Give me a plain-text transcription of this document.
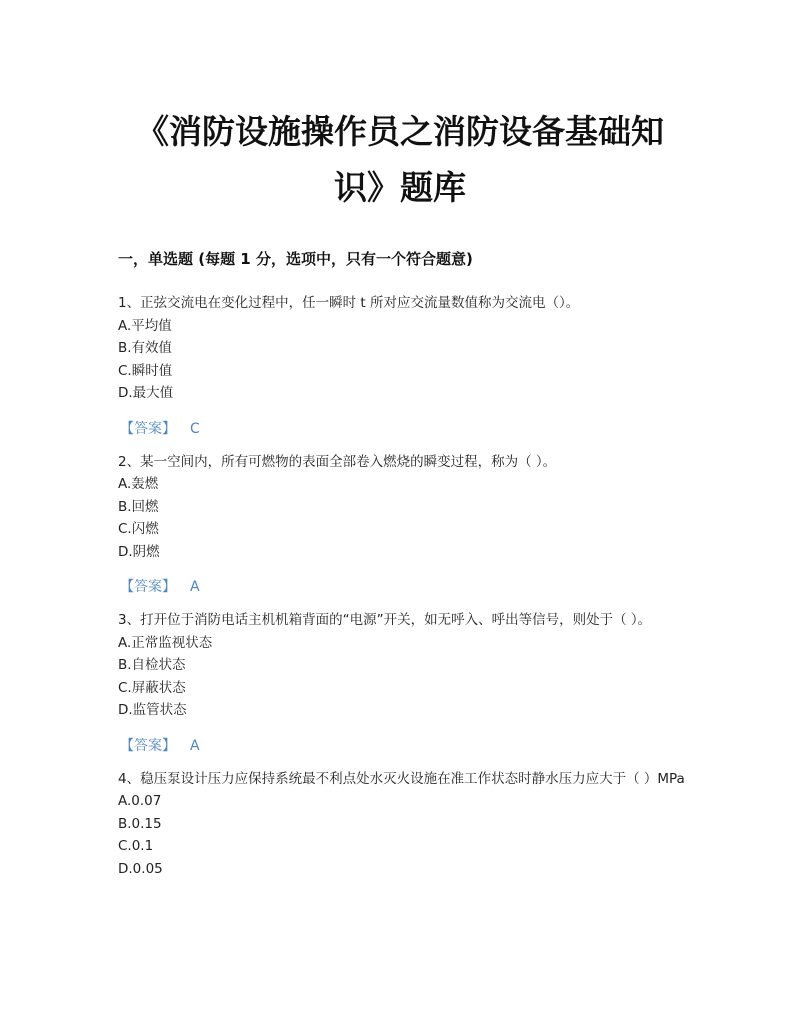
《消防设施操作员之消防设备基础知
识》题库
一，单选题 (每题 1 分，选项中，只有一个符合题意)

1、正弦交流电在变化过程中，任一瞬时 t 所对应交流量数值称为交流电（）。

A.平均值

B.有效值

C.瞬时值

D.最大值

【答案】 C

2、某一空间内，所有可燃物的表面全部卷入燃烧的瞬变过程，称为（ ）。

A.轰燃

B.回燃

C.闪燃

D.阴燃

【答案】 A

3、打开位于消防电话主机机箱背面的“电源”开关，如无呼入、呼出等信号，则处于（ ）。

A.正常监视状态

B.自检状态

C.屏蔽状态

D.监管状态

【答案】 A

4、稳压泵设计压力应保持系统最不利点处水灭火设施在准工作状态时静水压力应大于（ ）MPa

A.0.07

B.0.15

C.0.1

D.0.05
